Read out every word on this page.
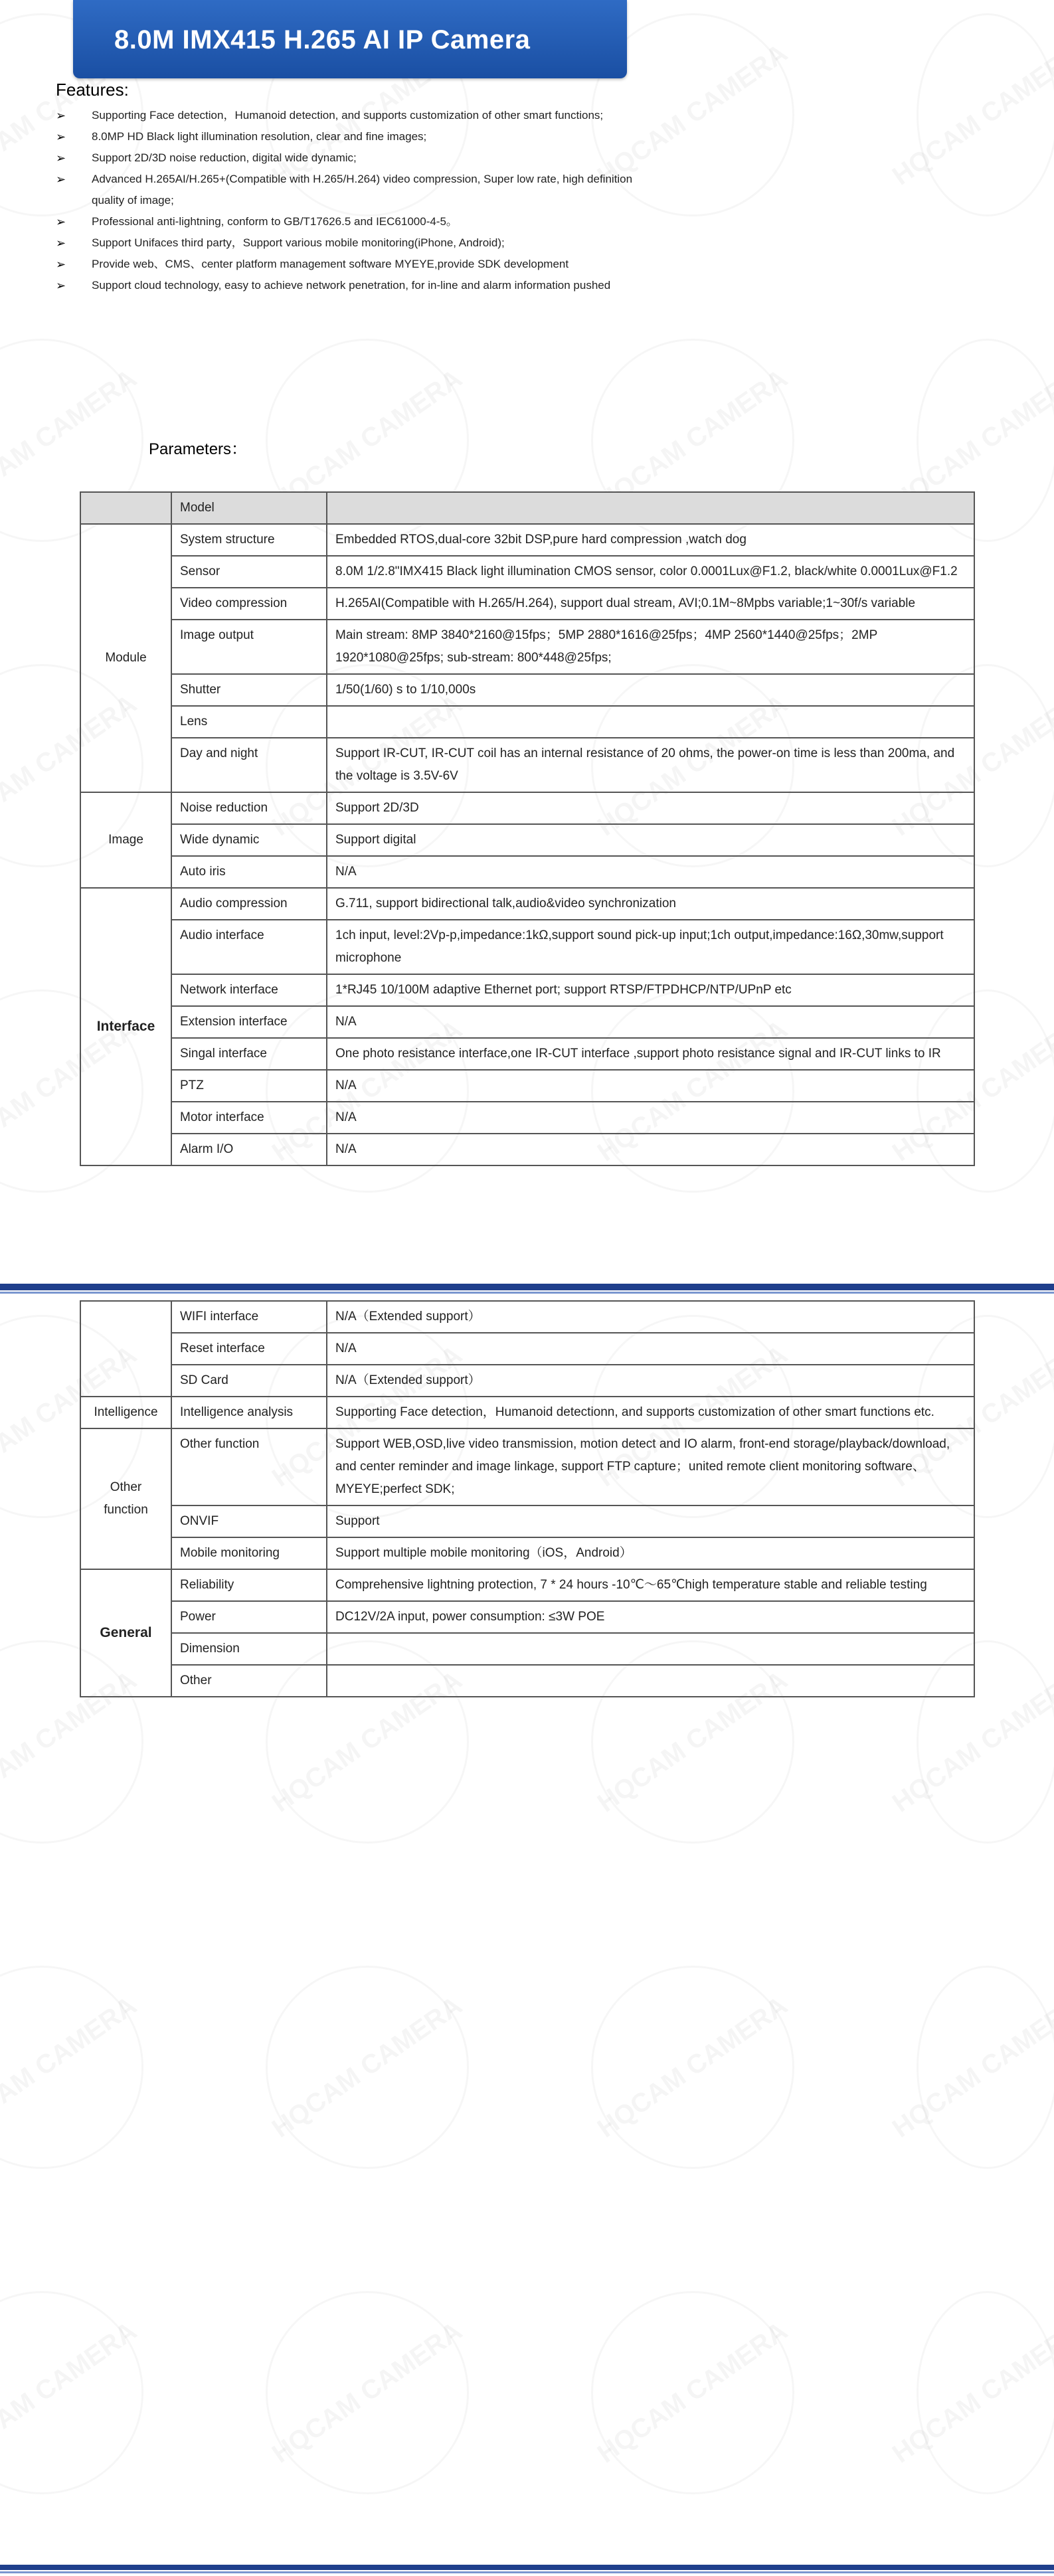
HQCAM CAMERA
HQCAM CAMERA
HQCAM CAMERA
HQCAM CAMERA
HQCAM CAMERA
HQCAM CAMERA
HQCAM CAMERA
HQCAM CAMERA
HQCAM CAMERA
HQCAM CAMERA
HQCAM CAMERA
HQCAM CAMERA
HQCAM CAMERA
HQCAM CAMERA
HQCAM CAMERA
HQCAM CAMERA
HQCAM CAMERA
HQCAM CAMERA
HQCAM CAMERA
HQCAM CAMERA
HQCAM CAMERA
HQCAM CAMERA
HQCAM CAMERA
HQCAM CAMERA
HQCAM CAMERA
HQCAM CAMERA
HQCAM CAMERA
HQCAM CAMERA
HQCAM CAMERA
HQCAM CAMERA
HQCAM CAMERA
HQCAM CAMERA
8.0M IMX415 H.265 AI IP Camera
Features:
➢ Supporting Face detection，Humanoid detection, and supports customization of other smart functions;
➢ 8.0MP HD Black light illumination resolution, clear and fine images;
➢ Support 2D/3D noise reduction, digital wide dynamic;
➢ Advanced H.265AI/H.265+(Compatible with H.265/H.264) video compression, Super low rate, high definition quality of image;
➢ Professional anti-lightning, conform to GB/T17626.5 and IEC61000-4-5。
➢ Support Unifaces third party，Support various mobile monitoring(iPhone, Android);
➢ Provide web、CMS、center platform management software MYEYE,provide SDK development
➢ Support cloud technology, easy to achieve network penetration, for in-line and alarm information pushed
Parameters：
	Model	
Module	System structure	Embedded RTOS,dual-core 32bit DSP,pure hard compression ,watch dog
	Sensor	8.0M 1/2.8"IMX415 Black light illumination CMOS sensor, color 0.0001Lux@F1.2, black/white 0.0001Lux@F1.2
	Video compression	H.265AI(Compatible with H.265/H.264), support dual stream, AVI;0.1M~8Mpbs variable;1~30f/s variable
	Image output	Main stream: 8MP 3840*2160@15fps；5MP 2880*1616@25fps；4MP 2560*1440@25fps；2MP 1920*1080@25fps; sub-stream: 800*448@25fps;
	Shutter	1/50(1/60) s to 1/10,000s
	Lens	
	Day and night	Support IR-CUT, IR-CUT coil has an internal resistance of 20 ohms, the power-on time is less than 200ma, and the voltage is 3.5V-6V
Image	Noise reduction	Support 2D/3D
	Wide dynamic	Support digital
	Auto iris	N/A
Interface	Audio compression	G.711, support bidirectional talk,audio&video synchronization
	Audio interface	1ch input, level:2Vp-p,impedance:1kΩ,support sound pick-up input;1ch output,impedance:16Ω,30mw,support microphone
	Network interface	1*RJ45 10/100M adaptive Ethernet port; support RTSP/FTPDHCP/NTP/UPnP etc
	Extension interface	N/A
	Singal interface	One photo resistance interface,one IR-CUT interface ,support photo resistance signal and IR-CUT links to IR
	PTZ	N/A
	Motor interface	N/A
	Alarm I/O	N/A
	WIFI interface	N/A（Extended support）
	Reset interface	N/A
	SD Card	N/A（Extended support）
Intelligence	Intelligence analysis	Supporting Face detection，Humanoid detectionn, and supports customization of other smart functions etc.
Other function	Other function	Support WEB,OSD,live video transmission, motion detect and IO alarm, front-end storage/playback/download, and center reminder and image linkage, support FTP capture；united remote client monitoring software、MYEYE;perfect SDK;
	ONVIF	Support
	Mobile monitoring	Support multiple mobile monitoring（iOS，Android）
General	Reliability	Comprehensive lightning protection, 7 * 24 hours -10℃～65℃high temperature stable and reliable testing
	Power	DC12V/2A input, power consumption: ≤3W POE
	Dimension	
	Other	
